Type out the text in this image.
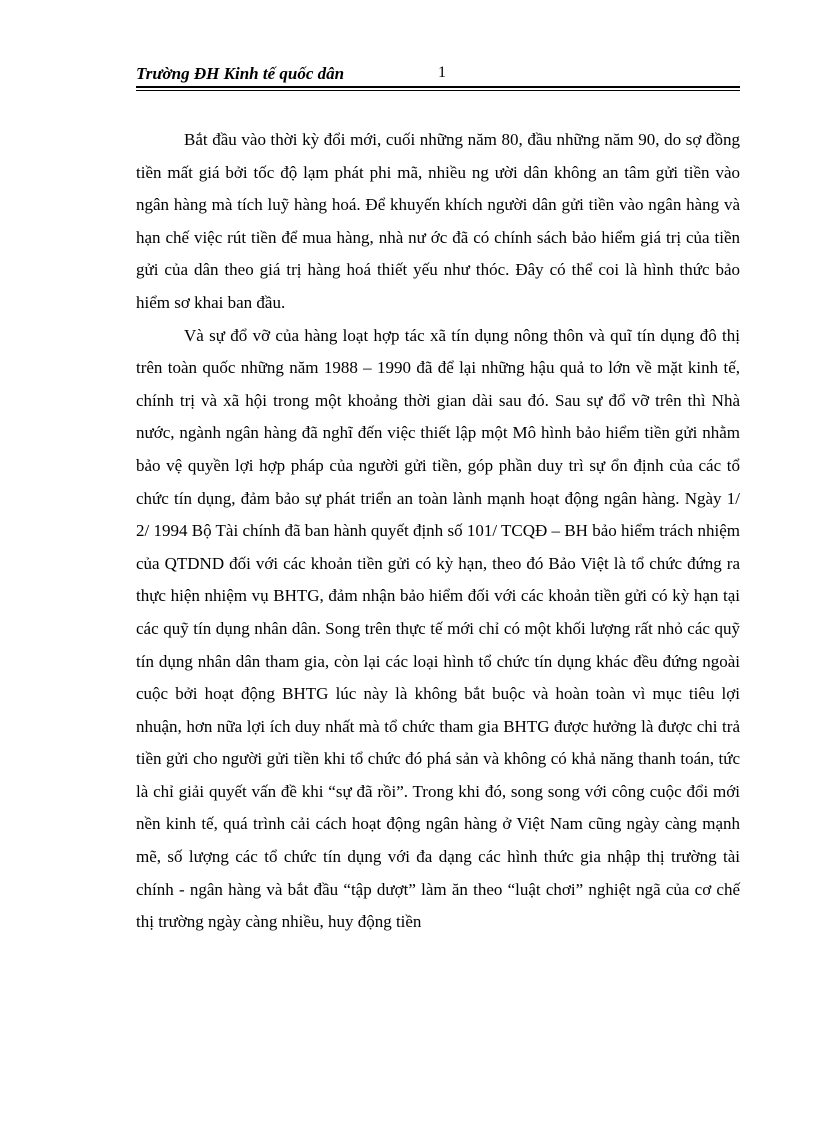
Trường ĐH Kinh tế quốc dân	1

Bắt đầu vào thời kỳ đổi mới, cuối những năm 80, đầu những năm 90, do sợ đồng tiền mất giá bởi tốc độ lạm phát phi mã, nhiều ng ười dân không an tâm gửi tiền vào ngân hàng mà tích luỹ hàng hoá. Để khuyến khích người dân gửi tiền vào ngân hàng và hạn chế việc rút tiền để mua hàng, nhà nư ớc đã có chính sách bảo hiểm giá trị của tiền gửi của dân theo giá trị hàng hoá thiết yếu như thóc. Đây có thể coi là hình thức bảo hiểm sơ khai ban đầu.

Và sự đổ vỡ của hàng loạt hợp tác xã tín dụng nông thôn và quĩ tín dụng đô thị trên toàn quốc những năm 1988 – 1990 đã để lại những hậu quả to lớn về mặt kinh tế, chính trị và xã hội trong một khoảng thời gian dài sau đó. Sau sự đổ vỡ trên thì Nhà nước, ngành ngân hàng đã nghĩ đến việc thiết lập một Mô hình bảo hiểm tiền gửi nhằm bảo vệ quyền lợi hợp pháp của người gửi tiền, góp phần duy trì sự ổn định của các tổ chức tín dụng, đảm bảo sự phát triển an toàn lành mạnh hoạt động ngân hàng. Ngày 1/ 2/ 1994 Bộ Tài chính đã ban hành quyết định số 101/ TCQĐ – BH bảo hiểm trách nhiệm của QTDND đối với các khoản tiền gửi có kỳ hạn, theo đó Bảo Việt là tổ chức đứng ra thực hiện nhiệm vụ BHTG, đảm nhận bảo hiểm đối với các khoản tiền gửi có kỳ hạn tại các quỹ tín dụng nhân dân. Song trên thực tế mới chỉ có một khối lượng rất nhỏ các quỹ tín dụng nhân dân tham gia, còn lại các loại hình tổ chức tín dụng khác đều đứng ngoài cuộc bởi hoạt động BHTG lúc này là không bắt buộc và hoàn toàn vì mục tiêu lợi nhuận, hơn nữa lợi ích duy nhất mà tổ chức tham gia BHTG được hưởng là được chi trả tiền gửi cho người gửi tiền khi tổ chức đó phá sản và không có khả năng thanh toán, tức là chỉ giải quyết vấn đề khi “sự đã rồi”. Trong khi đó, song song với công cuộc đổi mới nền kinh tế, quá trình cải cách hoạt động ngân hàng ở Việt Nam cũng ngày càng mạnh mẽ, số lượng các tổ chức tín dụng với đa dạng các hình thức gia nhập thị trường tài chính - ngân hàng và bắt đầu “tập dượt” làm ăn theo “luật chơi” nghiệt ngã của cơ chế thị trường ngày càng nhiều, huy động tiền
